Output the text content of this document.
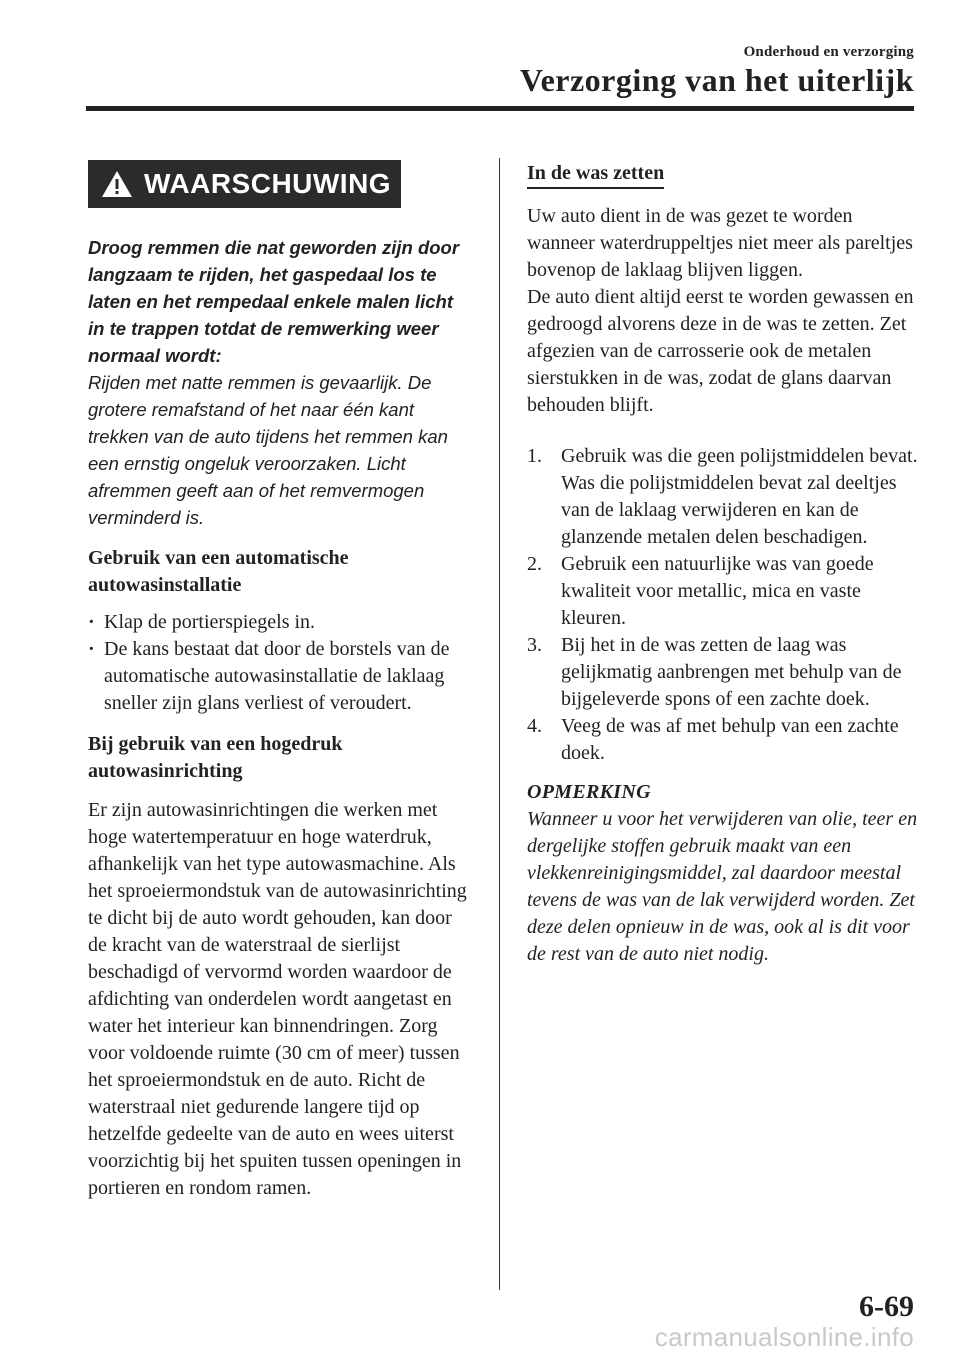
Onderhoud en verzorging
Verzorging van het uiterlijk
WAARSCHUWING
Droog remmen die nat geworden zijn door langzaam te rijden, het gaspedaal los te laten en het rempedaal enkele malen licht in te trappen totdat de remwerking weer normaal wordt:
Rijden met natte remmen is gevaarlijk. De grotere remafstand of het naar één kant trekken van de auto tijdens het remmen kan een ernstig ongeluk veroorzaken. Licht afremmen geeft aan of het remvermogen verminderd is.
Gebruik van een automatische autowasinstallatie
· Klap de portierspiegels in.
· De kans bestaat dat door de borstels van de automatische autowasinstallatie de laklaag sneller zijn glans verliest of veroudert.
Bij gebruik van een hogedruk autowasinrichting
Er zijn autowasinrichtingen die werken met hoge watertemperatuur en hoge waterdruk, afhankelijk van het type autowasmachine. Als het sproeiermondstuk van de autowasinrichting te dicht bij de auto wordt gehouden, kan door de kracht van de waterstraal de sierlijst beschadigd of vervormd worden waardoor de afdichting van onderdelen wordt aangetast en water het interieur kan binnendringen. Zorg voor voldoende ruimte (30 cm of meer) tussen het sproeiermondstuk en de auto. Richt de waterstraal niet gedurende langere tijd op hetzelfde gedeelte van de auto en wees uiterst voorzichtig bij het spuiten tussen openingen in portieren en rondom ramen.
In de was zetten
Uw auto dient in de was gezet te worden wanneer waterdruppeltjes niet meer als pareltjes bovenop de laklaag blijven liggen.
De auto dient altijd eerst te worden gewassen en gedroogd alvorens deze in de was te zetten. Zet afgezien van de carrosserie ook de metalen sierstukken in de was, zodat de glans daarvan behouden blijft.
1. Gebruik was die geen polijstmiddelen bevat.
Was die polijstmiddelen bevat zal deeltjes van de laklaag verwijderen en kan de glanzende metalen delen beschadigen.
2. Gebruik een natuurlijke was van goede kwaliteit voor metallic, mica en vaste kleuren.
3. Bij het in de was zetten de laag was gelijkmatig aanbrengen met behulp van de bijgeleverde spons of een zachte doek.
4. Veeg de was af met behulp van een zachte doek.
OPMERKING
Wanneer u voor het verwijderen van olie, teer en dergelijke stoffen gebruik maakt van een vlekkenreinigingsmiddel, zal daardoor meestal tevens de was van de lak verwijderd worden. Zet deze delen opnieuw in de was, ook al is dit voor de rest van de auto niet nodig.
6-69
carmanualsonline.info
